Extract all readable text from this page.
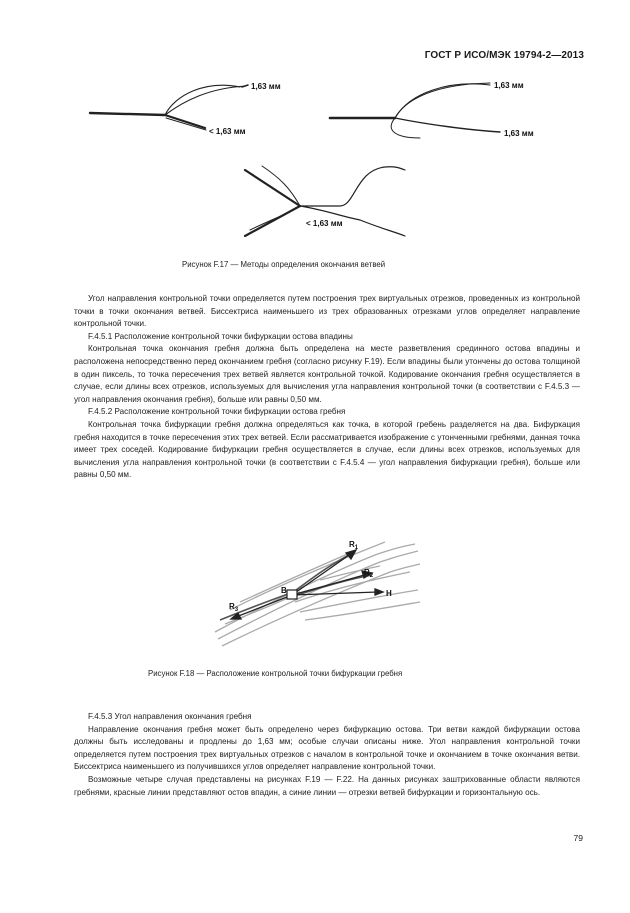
ГОСТ Р ИСО/МЭК 19794-2—2013
1,63 мм
< 1,63 мм
1,63 мм
1,63 мм
< 1,63 мм
Рисунок F.17 — Методы определения окончания ветвей

Угол направления контрольной точки определяется путем построения трех виртуальных отрезков, проведенных из контрольной точки в точки окончания ветвей. Биссектриса наименьшего из трех образованных отрезками углов определяет направление контрольной точки.

F.4.5.1 Расположение контрольной точки бифуркации остова впадины

Контрольная точка окончания гребня должна быть определена на месте разветвления срединного остова впадины и расположена непосредственно перед окончанием гребня (согласно рисунку F.19). Если впадины были утончены до остова толщиной в один пиксель, то точка пересечения трех ветвей является контрольной точкой. Кодирование окончания гребня осуществляется в случае, если длины всех отрезков, используемых для вычисления угла направления контрольной точки (в соответствии с F.4.5.3 — угол направления окончания гребня), больше или равны 0,50 мм.

F.4.5.2 Расположение контрольной точки бифуркации остова гребня

Контрольная точка бифуркации гребня должна определяться как точка, в которой гребень разделяется на два. Бифуркация гребня находится в точке пересечения этих трех ветвей. Если рассматривается изображение с утонченными гребнями, данная точка имеет трех соседей. Кодирование бифуркации гребня осуществляется в случае, если длины всех отрезков, используемых для вычисления угла направления контрольной точки (в соответствии с F.4.5.4 — угол направления бифуркации гребня), больше или равны 0,50 мм.

$R_1$
$R_2$
$R_3$
B	H
Рисунок F.18 — Расположение контрольной точки бифуркации гребня

F.4.5.3 Угол направления окончания гребня

Направление окончания гребня может быть определено через бифуркацию остова. Три ветви каждой бифуркации остова должны быть исследованы и продлены до 1,63 мм; особые случаи описаны ниже. Угол направления контрольной точки определяется путем построения трех виртуальных отрезков с началом в контрольной точке и окончанием в точке окончания ветви. Биссектриса наименьшего из получившихся углов определяет направление контрольной точки.

Возможные четыре случая представлены на рисунках F.19 — F.22. На данных рисунках заштрихованные области являются гребнями, красные линии представляют остов впадин, а синие линии — отрезки ветвей бифуркации и горизонтальную ось.

79
